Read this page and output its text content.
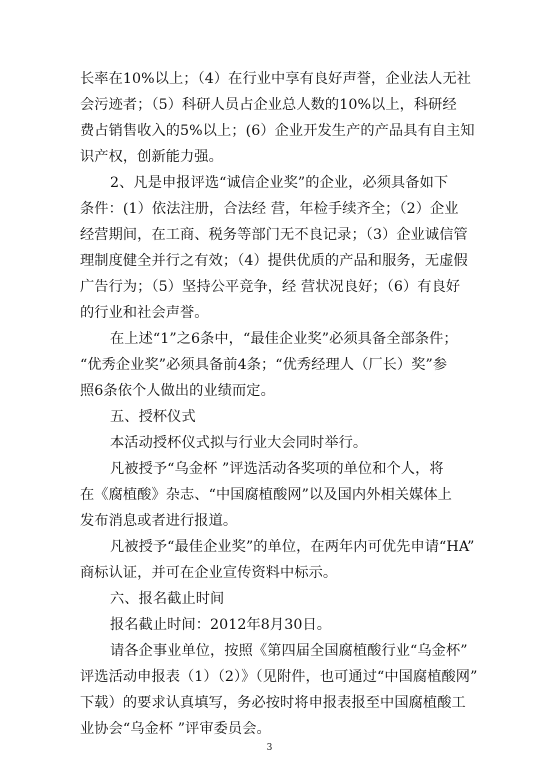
长率在10%以上；（4）在行业中享有良好声誉，企业法人无社
会污迹者；（5）科研人员占企业总人数的10%以上，科研经
费占销售收入的5%以上；(6）企业开发生产的产品具有自主知
识产权，创新能力强。
2、凡是申报评选“诚信企业奖”的企业，必须具备如下
条件：(1）依法注册，合法经 营，年检手续齐全；（2）企业
经营期间，在工商、税务等部门无不良记录；（3）企业诚信管
理制度健全并行之有效；（4）提供优质的产品和服务，无虚假
广告行为；（5）坚持公平竞争，经 营状况良好；（6）有良好
的行业和社会声誉。
在上述“1”之6条中，“最佳企业奖”必须具备全部条件；
“优秀企业奖”必须具备前4条；“优秀经理人（厂长）奖”参
照6条依个人做出的业绩而定。
五、授杯仪式
本活动授杯仪式拟与行业大会同时举行。
凡被授予“乌金杯 ”评选活动各奖项的单位和个人，将
在《腐植酸》杂志、“中国腐植酸网”以及国内外相关媒体上
发布消息或者进行报道。
凡被授予“最佳企业奖”的单位，在两年内可优先申请“HA”
商标认证，并可在企业宣传资料中标示。
六、报名截止时间
报名截止时间：2012年8月30日。
请各企事业单位，按照《第四届全国腐植酸行业“乌金杯”
评选活动申报表（1）（2）》（见附件，也可通过“中国腐植酸网”
下载）的要求认真填写，务必按时将申报表报至中国腐植酸工
业协会“乌金杯 ”评审委员会。
3
